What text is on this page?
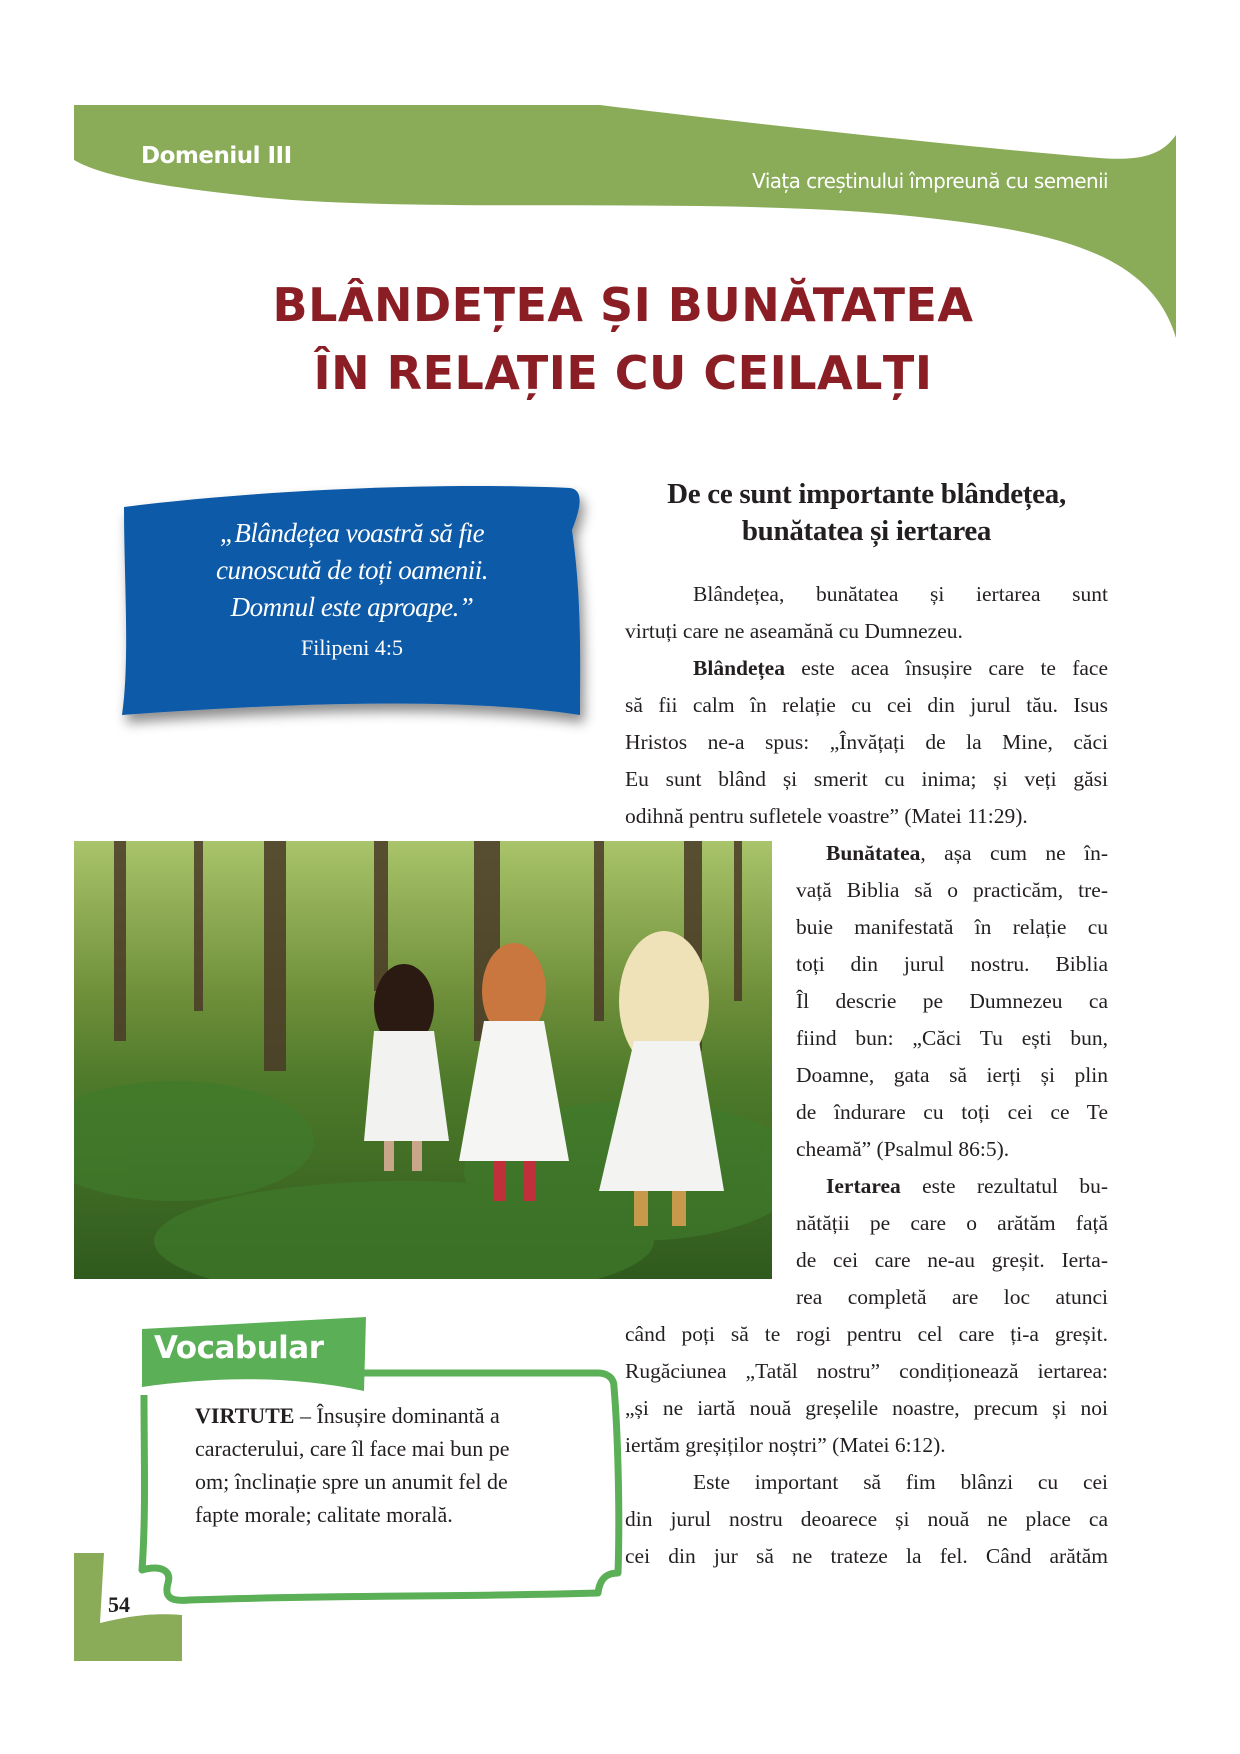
Domeniul III
Viața creștinului împreună cu semenii
BLÂNDEȚEA ȘI BUNĂTATEA
ÎN RELAȚIE CU CEILALȚI
„Blândețea voastră să fie
cunoscută de toți oamenii.
Domnul este aproape.”
Filipeni 4:5
De ce sunt importante blândețea,
bunătatea și iertarea
Blândețea, bunătatea și iertarea sunt
virtuți care ne aseamănă cu Dumnezeu.
Blândețea este acea însușire care te face
să fii calm în relație cu cei din jurul tău. Isus
Hristos ne-a spus: „Învățați de la Mine, căci
Eu sunt blând și smerit cu inima; și veți găsi
odihnă pentru sufletele voastre” (Matei 11:29).
Bunătatea, așa cum ne în-
vață Biblia să o practicăm, tre-
buie manifestată în relație cu
toți din jurul nostru. Biblia
Îl descrie pe Dumnezeu ca
fiind bun: „Căci Tu ești bun,
Doamne, gata să ierți și plin
de îndurare cu toți cei ce Te
cheamă” (Psalmul 86:5).
Iertarea este rezultatul bu-
nătății pe care o arătăm față
de cei care ne-au greșit. Ierta-
rea completă are loc atunci
când poți să te rogi pentru cel care ți-a greșit.
Rugăciunea „Tatăl nostru” condiționează iertarea:
„și ne iartă nouă greșelile noastre, precum și noi
iertăm greșiților noștri” (Matei 6:12).
Este important să fim blânzi cu cei
din jurul nostru deoarece și nouă ne place ca
cei din jur să ne trateze la fel. Când arătăm
Vocabular
VIRTUTE – Însușire dominantă a
caracterului, care îl face mai bun pe
om; înclinație spre un anumit fel de
fapte morale; calitate morală.
54
